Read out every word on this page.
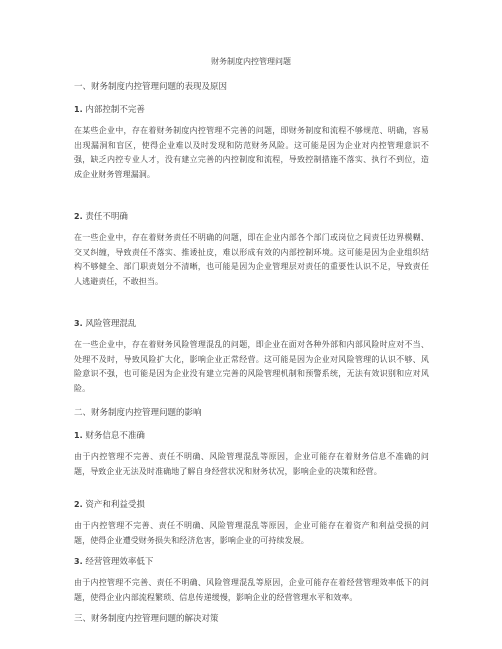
财务制度内控管理问题
一、财务制度内控管理问题的表现及原因
1. 内部控制不完善
在某些企业中，存在着财务制度内控管理不完善的问题，即财务制度和流程不够规范、明确，容易出现漏洞和盲区，使得企业难以及时发现和防范财务风险。这可能是因为企业对内控管理意识不强，缺乏内控专业人才，没有建立完善的内控制度和流程，导致控制措施不落实、执行不到位，造成企业财务管理漏洞。
2. 责任不明确
在一些企业中，存在着财务责任不明确的问题，即在企业内部各个部门或岗位之间责任边界模糊、交叉纠缠，导致责任不落实、推诿扯皮，难以形成有效的内部控制环境。这可能是因为企业组织结构不够健全、部门职责划分不清晰，也可能是因为企业管理层对责任的重要性认识不足，导致责任人逃避责任，不敢担当。
3. 风险管理混乱
在一些企业中，存在着财务风险管理混乱的问题，即企业在面对各种外部和内部风险时应对不当、处理不及时，导致风险扩大化，影响企业正常经营。这可能是因为企业对风险管理的认识不够、风险意识不强，也可能是因为企业没有建立完善的风险管理机制和预警系统，无法有效识别和应对风险。
二、财务制度内控管理问题的影响
1. 财务信息不准确
由于内控管理不完善、责任不明确、风险管理混乱等原因，企业可能存在着财务信息不准确的问题，导致企业无法及时准确地了解自身经营状况和财务状况，影响企业的决策和经营。
2. 资产和利益受损
由于内控管理不完善、责任不明确、风险管理混乱等原因，企业可能存在着资产和利益受损的问题，使得企业遭受财务损失和经济危害，影响企业的可持续发展。
3. 经营管理效率低下
由于内控管理不完善、责任不明确、风险管理混乱等原因，企业可能存在着经营管理效率低下的问题，使得企业内部流程繁琐、信息传递缓慢，影响企业的经营管理水平和效率。
三、财务制度内控管理问题的解决对策
